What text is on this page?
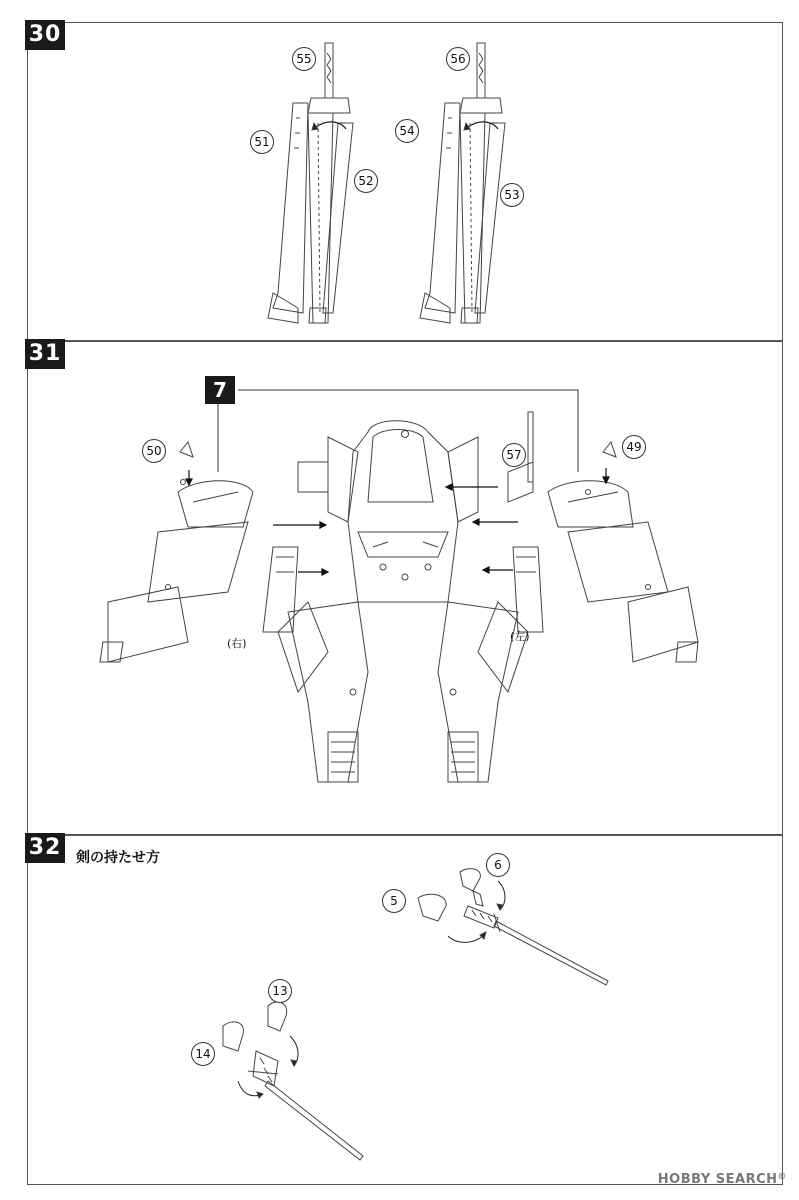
30
55
51
52
56
54
53
31
7
50	57
49
(右)
(左)
32 剣の持たせ方	6
5
13
14
HOBBY SEARCH®
